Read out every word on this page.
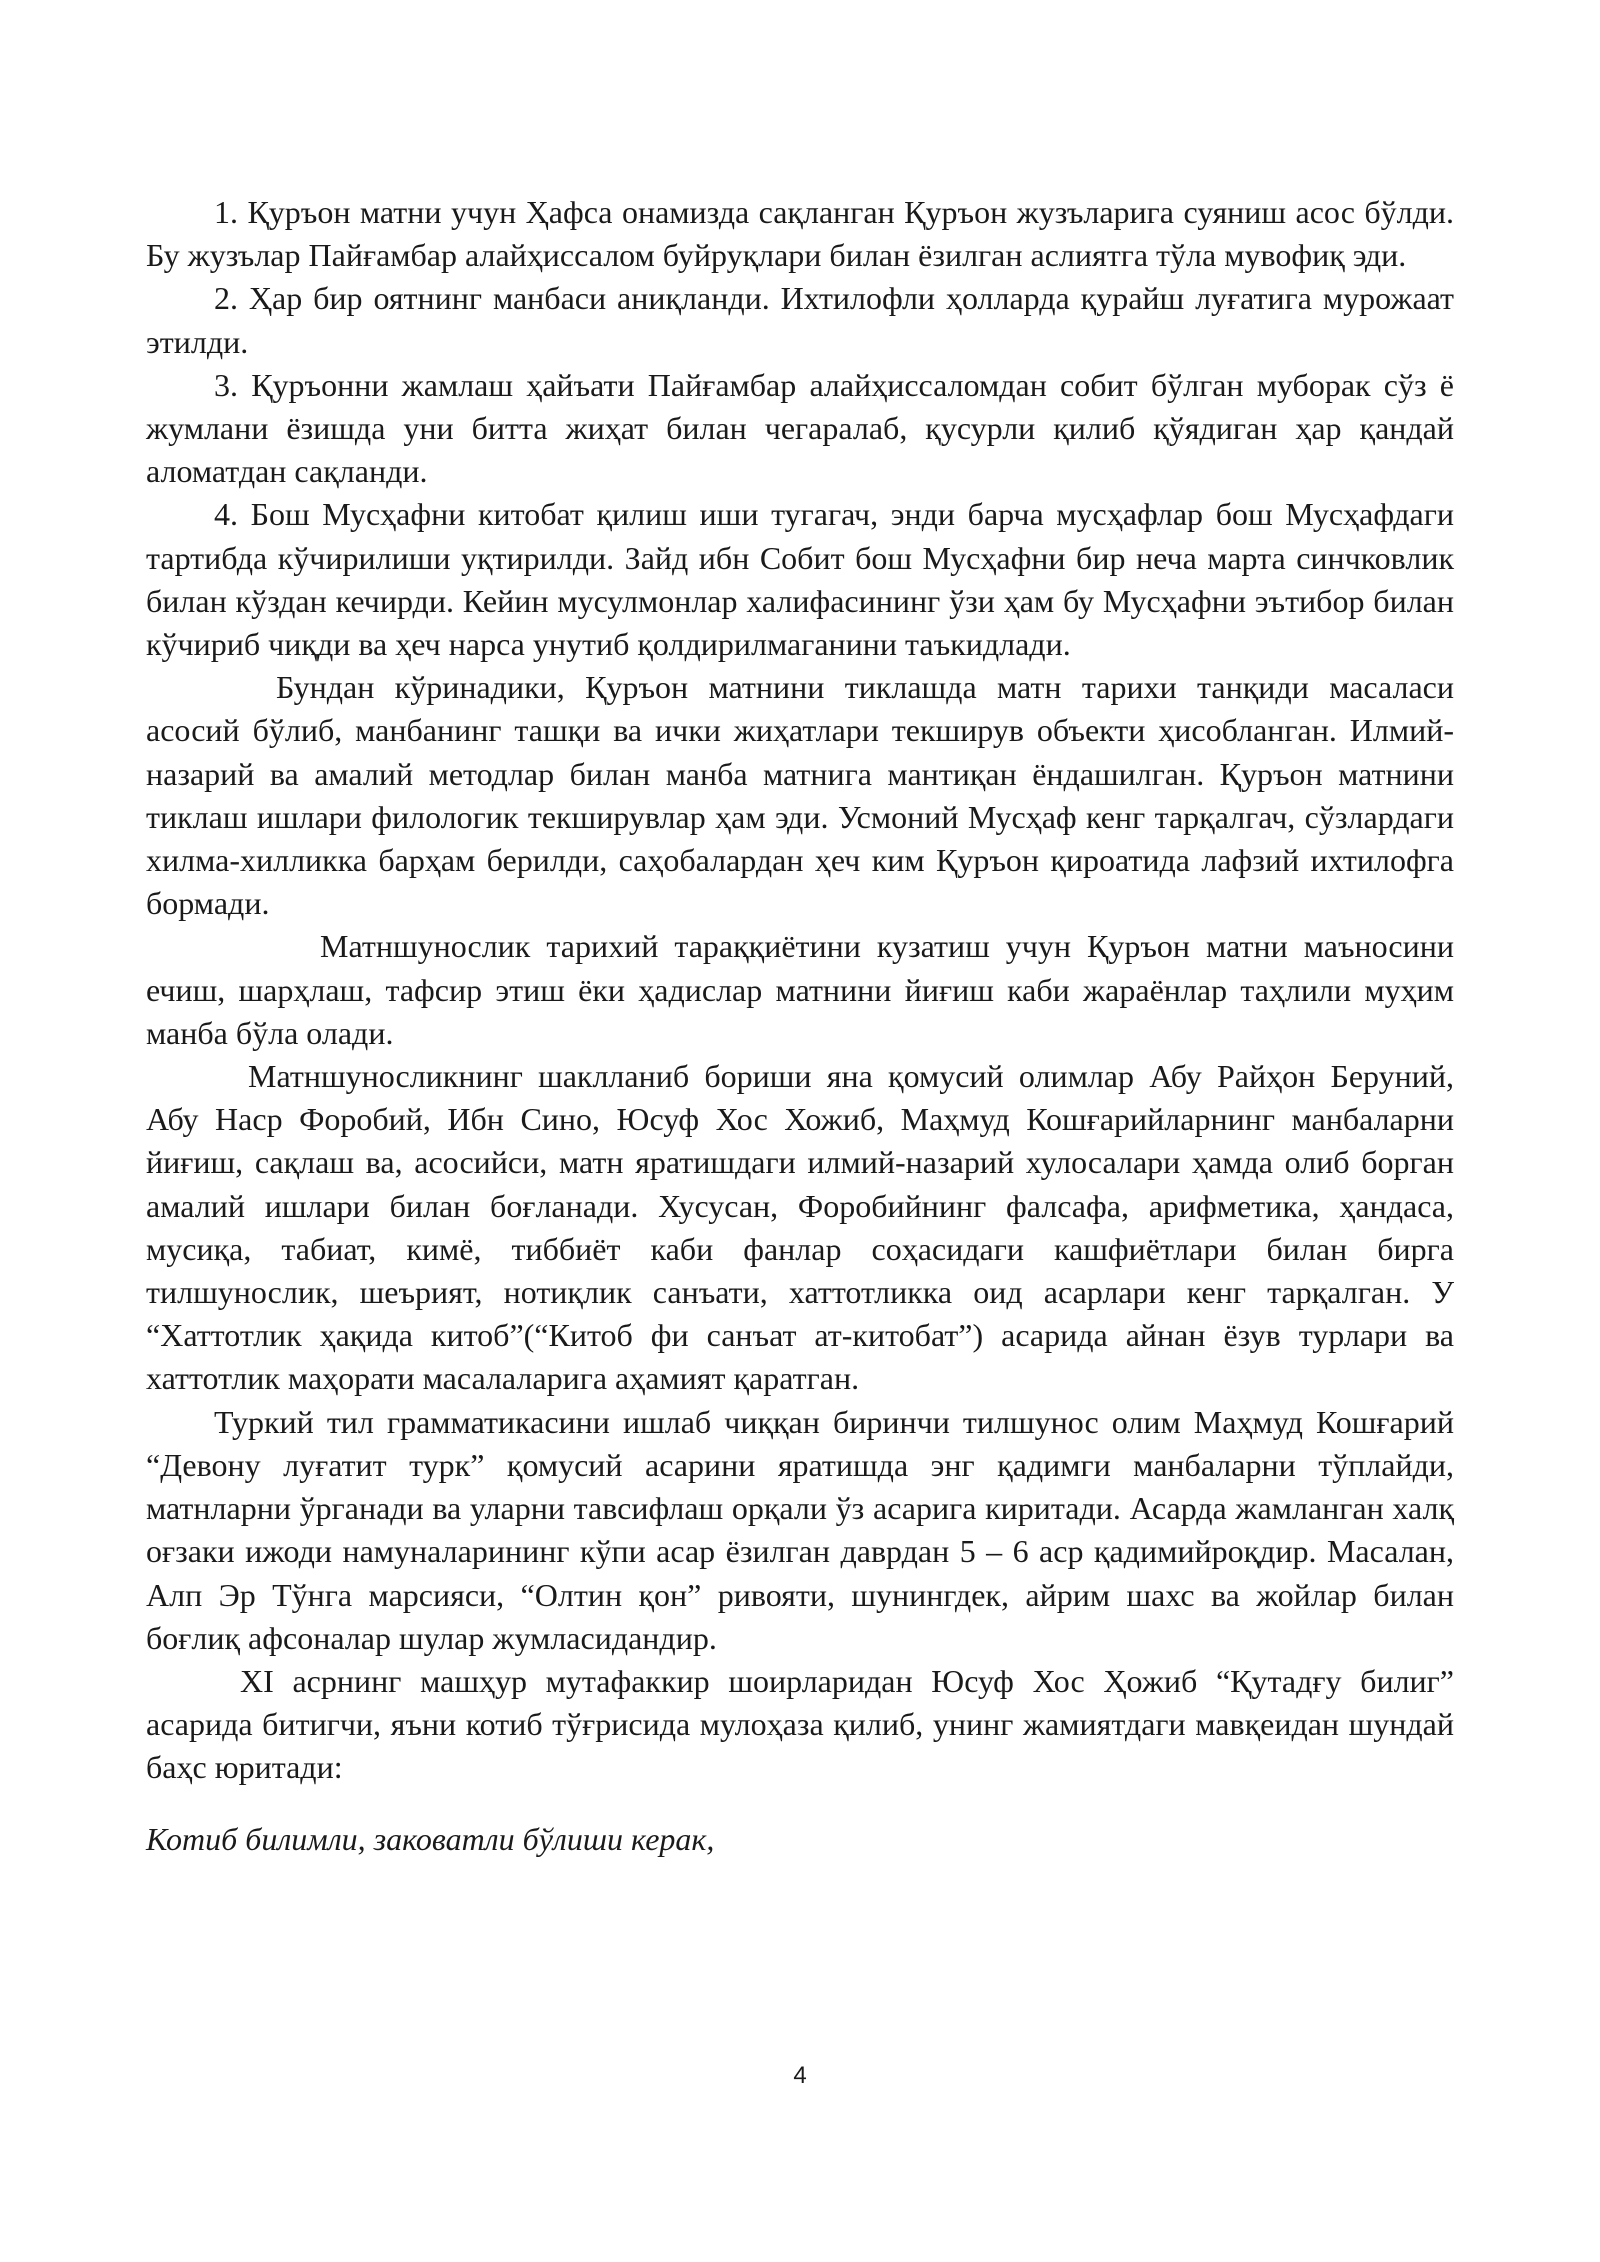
1. Қуръон матни учун Ҳафса онамизда сақланган Қуръон жузъларига суяниш асос бўлди. Бу жузълар Пайғамбар алайҳиссалом буйруқлари билан ёзилган аслиятга тўла мувофиқ эди.

2. Ҳар бир оятнинг манбаси аниқланди. Ихтилофли ҳолларда қурайш луғатига мурожаат этилди.

3. Қуръонни жамлаш ҳайъати Пайғамбар алайҳиссаломдан собит бўлган муборак сўз ё жумлани ёзишда уни битта жиҳат билан чегаралаб, қусурли қилиб қўядиган ҳар қандай аломатдан сақланди.

4. Бош Мусҳафни китобат қилиш иши тугагач, энди барча мусҳафлар бош Мусҳафдаги тартибда кўчирилиши уқтирилди. Зайд ибн Собит бош Мусҳафни бир неча марта синчковлик билан кўздан кечирди. Кейин мусулмонлар халифасининг ўзи ҳам бу Мусҳафни эътибор билан кўчириб чиқди ва ҳеч нарса унутиб қолдирилмаганини таъкидлади.

Бундан кўринадики, Қуръон матнини тиклашда матн тарихи танқиди масаласи асосий бўлиб, манбанинг ташқи ва ички жиҳатлари текширув объекти ҳисобланган. Илмий-назарий ва амалий методлар билан манба матнига мантиқан ёндашилган. Қуръон матнини тиклаш ишлари филологик текширувлар ҳам эди. Усмоний Мусҳаф кенг тарқалгач, сўзлардаги хилма-хилликка барҳам берилди, саҳобалардан ҳеч ким Қуръон қироатида лафзий ихтилофга бормади.

Матншунослик тарихий тараққиётини кузатиш учун Қуръон матни маъносини ечиш, шарҳлаш, тафсир этиш ёки ҳадислар матнини йиғиш каби жараёнлар таҳлили муҳим манба бўла олади.

Матншуносликнинг шаклланиб бориши яна қомусий олимлар Абу Райҳон Беруний, Абу Наср Форобий, Ибн Сино, Юсуф Хос Хожиб, Маҳмуд Кошғарийларнинг манбаларни йиғиш, сақлаш ва, асосийси, матн яратишдаги илмий-назарий хулосалари ҳамда олиб борган амалий ишлари билан боғланади. Хусусан, Форобийнинг фалсафа, арифметика, ҳандаса, мусиқа, табиат, кимё, тиббиёт каби фанлар соҳасидаги кашфиётлари билан бирга тилшунослик, шеърият, нотиқлик санъати, хаттотликка оид асарлари кенг тарқалган. У “Хаттотлик ҳақида китоб”(“Китоб фи санъат ат-китобат”) асарида айнан ёзув турлари ва хаттотлик маҳорати масалаларига аҳамият қаратган.

Туркий тил грамматикасини ишлаб чиққан биринчи тилшунос олим Маҳмуд Кошғарий “Девону луғатит турк” қомусий асарини яратишда энг қадимги манбаларни тўплайди, матнларни ўрганади ва уларни тавсифлаш орқали ўз асарига киритади. Асарда жамланган халқ оғзаки ижоди намуналарининг кўпи асар ёзилган даврдан 5 – 6 аср қадимийроқдир. Масалан, Алп Эр Тўнга марсияси, “Олтин қон” ривояти, шунингдек, айрим шахс ва жойлар билан боғлиқ афсоналар шулар жумласидандир.

XI асрнинг машҳур мутафаккир шоирларидан Юсуф Хос Ҳожиб “Қутадғу билиг” асарида битигчи, яъни котиб тўғрисида мулоҳаза қилиб, унинг жамиятдаги мавқеидан шундай баҳс юритади:

Котиб билимли, заковатли бўлиши керак,

4
